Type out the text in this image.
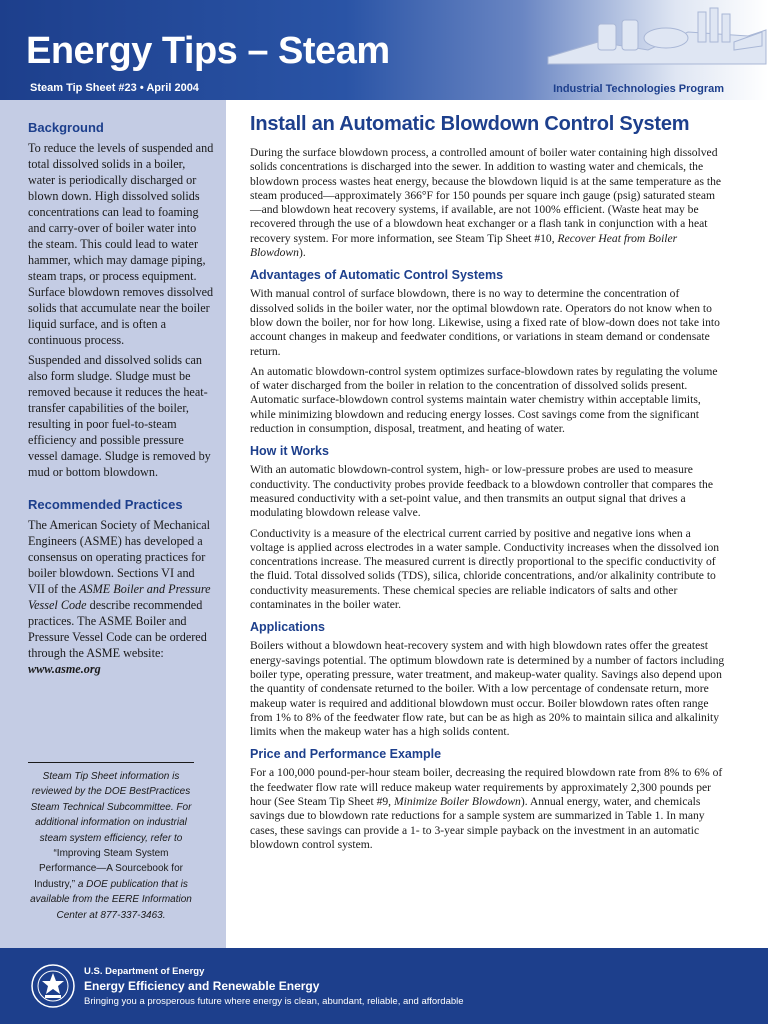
Energy Tips – Steam
Steam Tip Sheet #23 • April 2004	Industrial Technologies Program
Background

To reduce the levels of suspended and total dissolved solids in a boiler, water is periodically discharged or blown down. High dissolved solids concentrations can lead to foaming and carry-over of boiler water into the steam. This could lead to water hammer, which may damage piping, steam traps, or process equipment. Surface blowdown removes dissolved solids that accumulate near the boiler liquid surface, and is often a continuous process.

Suspended and dissolved solids can also form sludge. Sludge must be removed because it reduces the heat-transfer capabilities of the boiler, resulting in poor fuel-to-steam efficiency and possible pressure vessel damage. Sludge is removed by mud or bottom blowdown.

Recommended Practices

The American Society of Mechanical Engineers (ASME) has developed a consensus on operating practices for boiler blowdown. Sections VI and VII of the ASME Boiler and Pressure Vessel Code describe recommended practices. The ASME Boiler and Pressure Vessel Code can be ordered through the ASME website: www.asme.org

Steam Tip Sheet information is reviewed by the DOE BestPractices Steam Technical Subcommittee. For additional information on industrial steam system efficiency, refer to “Improving Steam System Performance—A Sourcebook for Industry,” a DOE publication that is available from the EERE Information Center at 877-337-3463.
Install an Automatic Blowdown Control System

During the surface blowdown process, a controlled amount of boiler water containing high dissolved solids concentrations is discharged into the sewer. In addition to wasting water and chemicals, the blowdown process wastes heat energy, because the blowdown liquid is at the same temperature as the steam produced—approximately 366°F for 150 pounds per square inch gauge (psig) saturated steam—and blowdown heat recovery systems, if available, are not 100% efficient. (Waste heat may be recovered through the use of a blowdown heat exchanger or a flash tank in conjunction with a heat recovery system. For more information, see Steam Tip Sheet #10, Recover Heat from Boiler Blowdown).

Advantages of Automatic Control Systems

With manual control of surface blowdown, there is no way to determine the concentration of dissolved solids in the boiler water, nor the optimal blowdown rate. Operators do not know when to blow down the boiler, nor for how long. Likewise, using a fixed rate of blow-down does not take into account changes in makeup and feedwater conditions, or variations in steam demand or condensate return.

An automatic blowdown-control system optimizes surface-blowdown rates by regulating the volume of water discharged from the boiler in relation to the concentration of dissolved solids present. Automatic surface-blowdown control systems maintain water chemistry within acceptable limits, while minimizing blowdown and reducing energy losses. Cost savings come from the significant reduction in consumption, disposal, treatment, and heating of water.

How it Works

With an automatic blowdown-control system, high- or low-pressure probes are used to measure conductivity. The conductivity probes provide feedback to a blowdown controller that compares the measured conductivity with a set-point value, and then transmits an output signal that drives a modulating blowdown release valve.

Conductivity is a measure of the electrical current carried by positive and negative ions when a voltage is applied across electrodes in a water sample. Conductivity increases when the dissolved ion concentrations increase. The measured current is directly proportional to the specific conductivity of the fluid. Total dissolved solids (TDS), silica, chloride concentrations, and/or alkalinity contribute to conductivity measurements. These chemical species are reliable indicators of salts and other contaminates in the boiler water.

Applications

Boilers without a blowdown heat-recovery system and with high blowdown rates offer the greatest energy-savings potential. The optimum blowdown rate is determined by a number of factors including boiler type, operating pressure, water treatment, and makeup-water quality. Savings also depend upon the quantity of condensate returned to the boiler. With a low percentage of condensate return, more makeup water is required and additional blowdown must occur. Boiler blowdown rates often range from 1% to 8% of the feedwater flow rate, but can be as high as 20% to maintain silica and alkalinity limits when the makeup water has a high solids content.

Price and Performance Example

For a 100,000 pound-per-hour steam boiler, decreasing the required blowdown rate from 8% to 6% of the feedwater flow rate will reduce makeup water requirements by approximately 2,300 pounds per hour (See Steam Tip Sheet #9, Minimize Boiler Blowdown). Annual energy, water, and chemicals savings due to blowdown rate reductions for a sample system are summarized in Table 1. In many cases, these savings can provide a 1- to 3-year simple payback on the investment in an automatic blowdown control system.

U.S. Department of Energy
Energy Efficiency and Renewable Energy
Bringing you a prosperous future where energy is clean, abundant, reliable, and affordable
